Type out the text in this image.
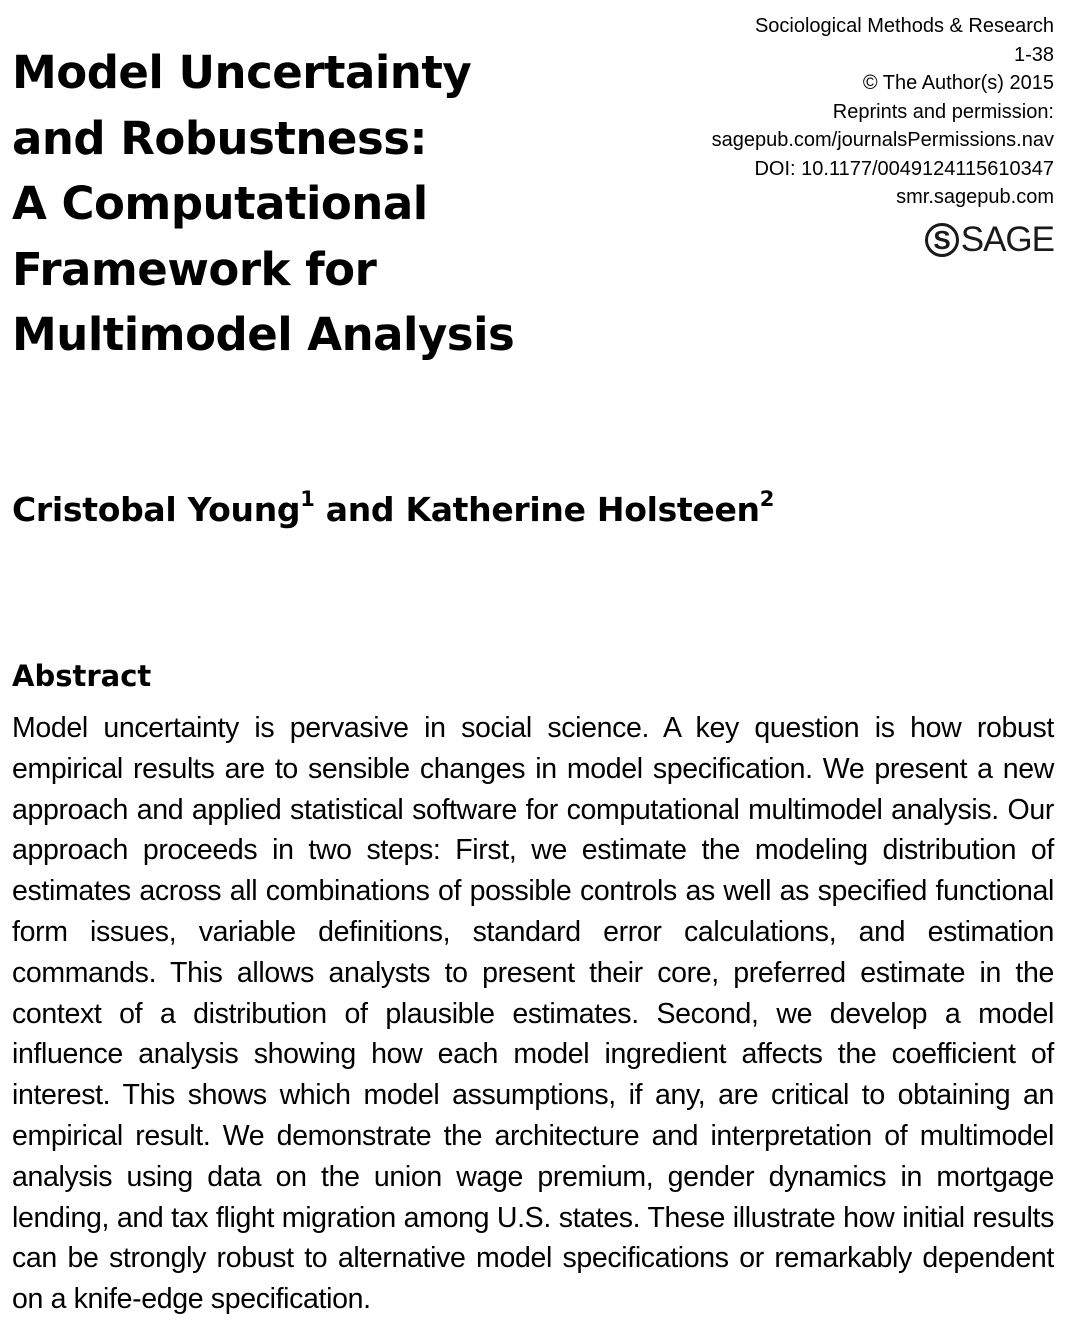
Sociological Methods & Research
1-38
© The Author(s) 2015
Reprints and permission:
sagepub.com/journalsPermissions.nav
DOI: 10.1177/0049124115610347
smr.sagepub.com
S SAGE
Model Uncertainty
and Robustness:
A Computational
Framework for
Multimodel Analysis
Cristobal Young$^1$ and Katherine Holsteen$^2$
Abstract

Model uncertainty is pervasive in social science. A key question is how robust empirical results are to sensible changes in model specification. We present a new approach and applied statistical software for computational multimodel analysis. Our approach proceeds in two steps: First, we estimate the modeling distribution of estimates across all combinations of possible controls as well as specified functional form issues, variable definitions, standard error calculations, and estimation commands. This allows analysts to present their core, preferred estimate in the context of a distribution of plausible estimates. Second, we develop a model influence analysis showing how each model ingredient affects the coefficient of interest. This shows which model assumptions, if any, are critical to obtaining an empirical result. We demonstrate the architecture and interpretation of multimodel analysis using data on the union wage premium, gender dynamics in mortgage lending, and tax flight migration among U.S. states. These illustrate how initial results can be strongly robust to alternative model specifications or remarkably dependent on a knife-edge specification.
